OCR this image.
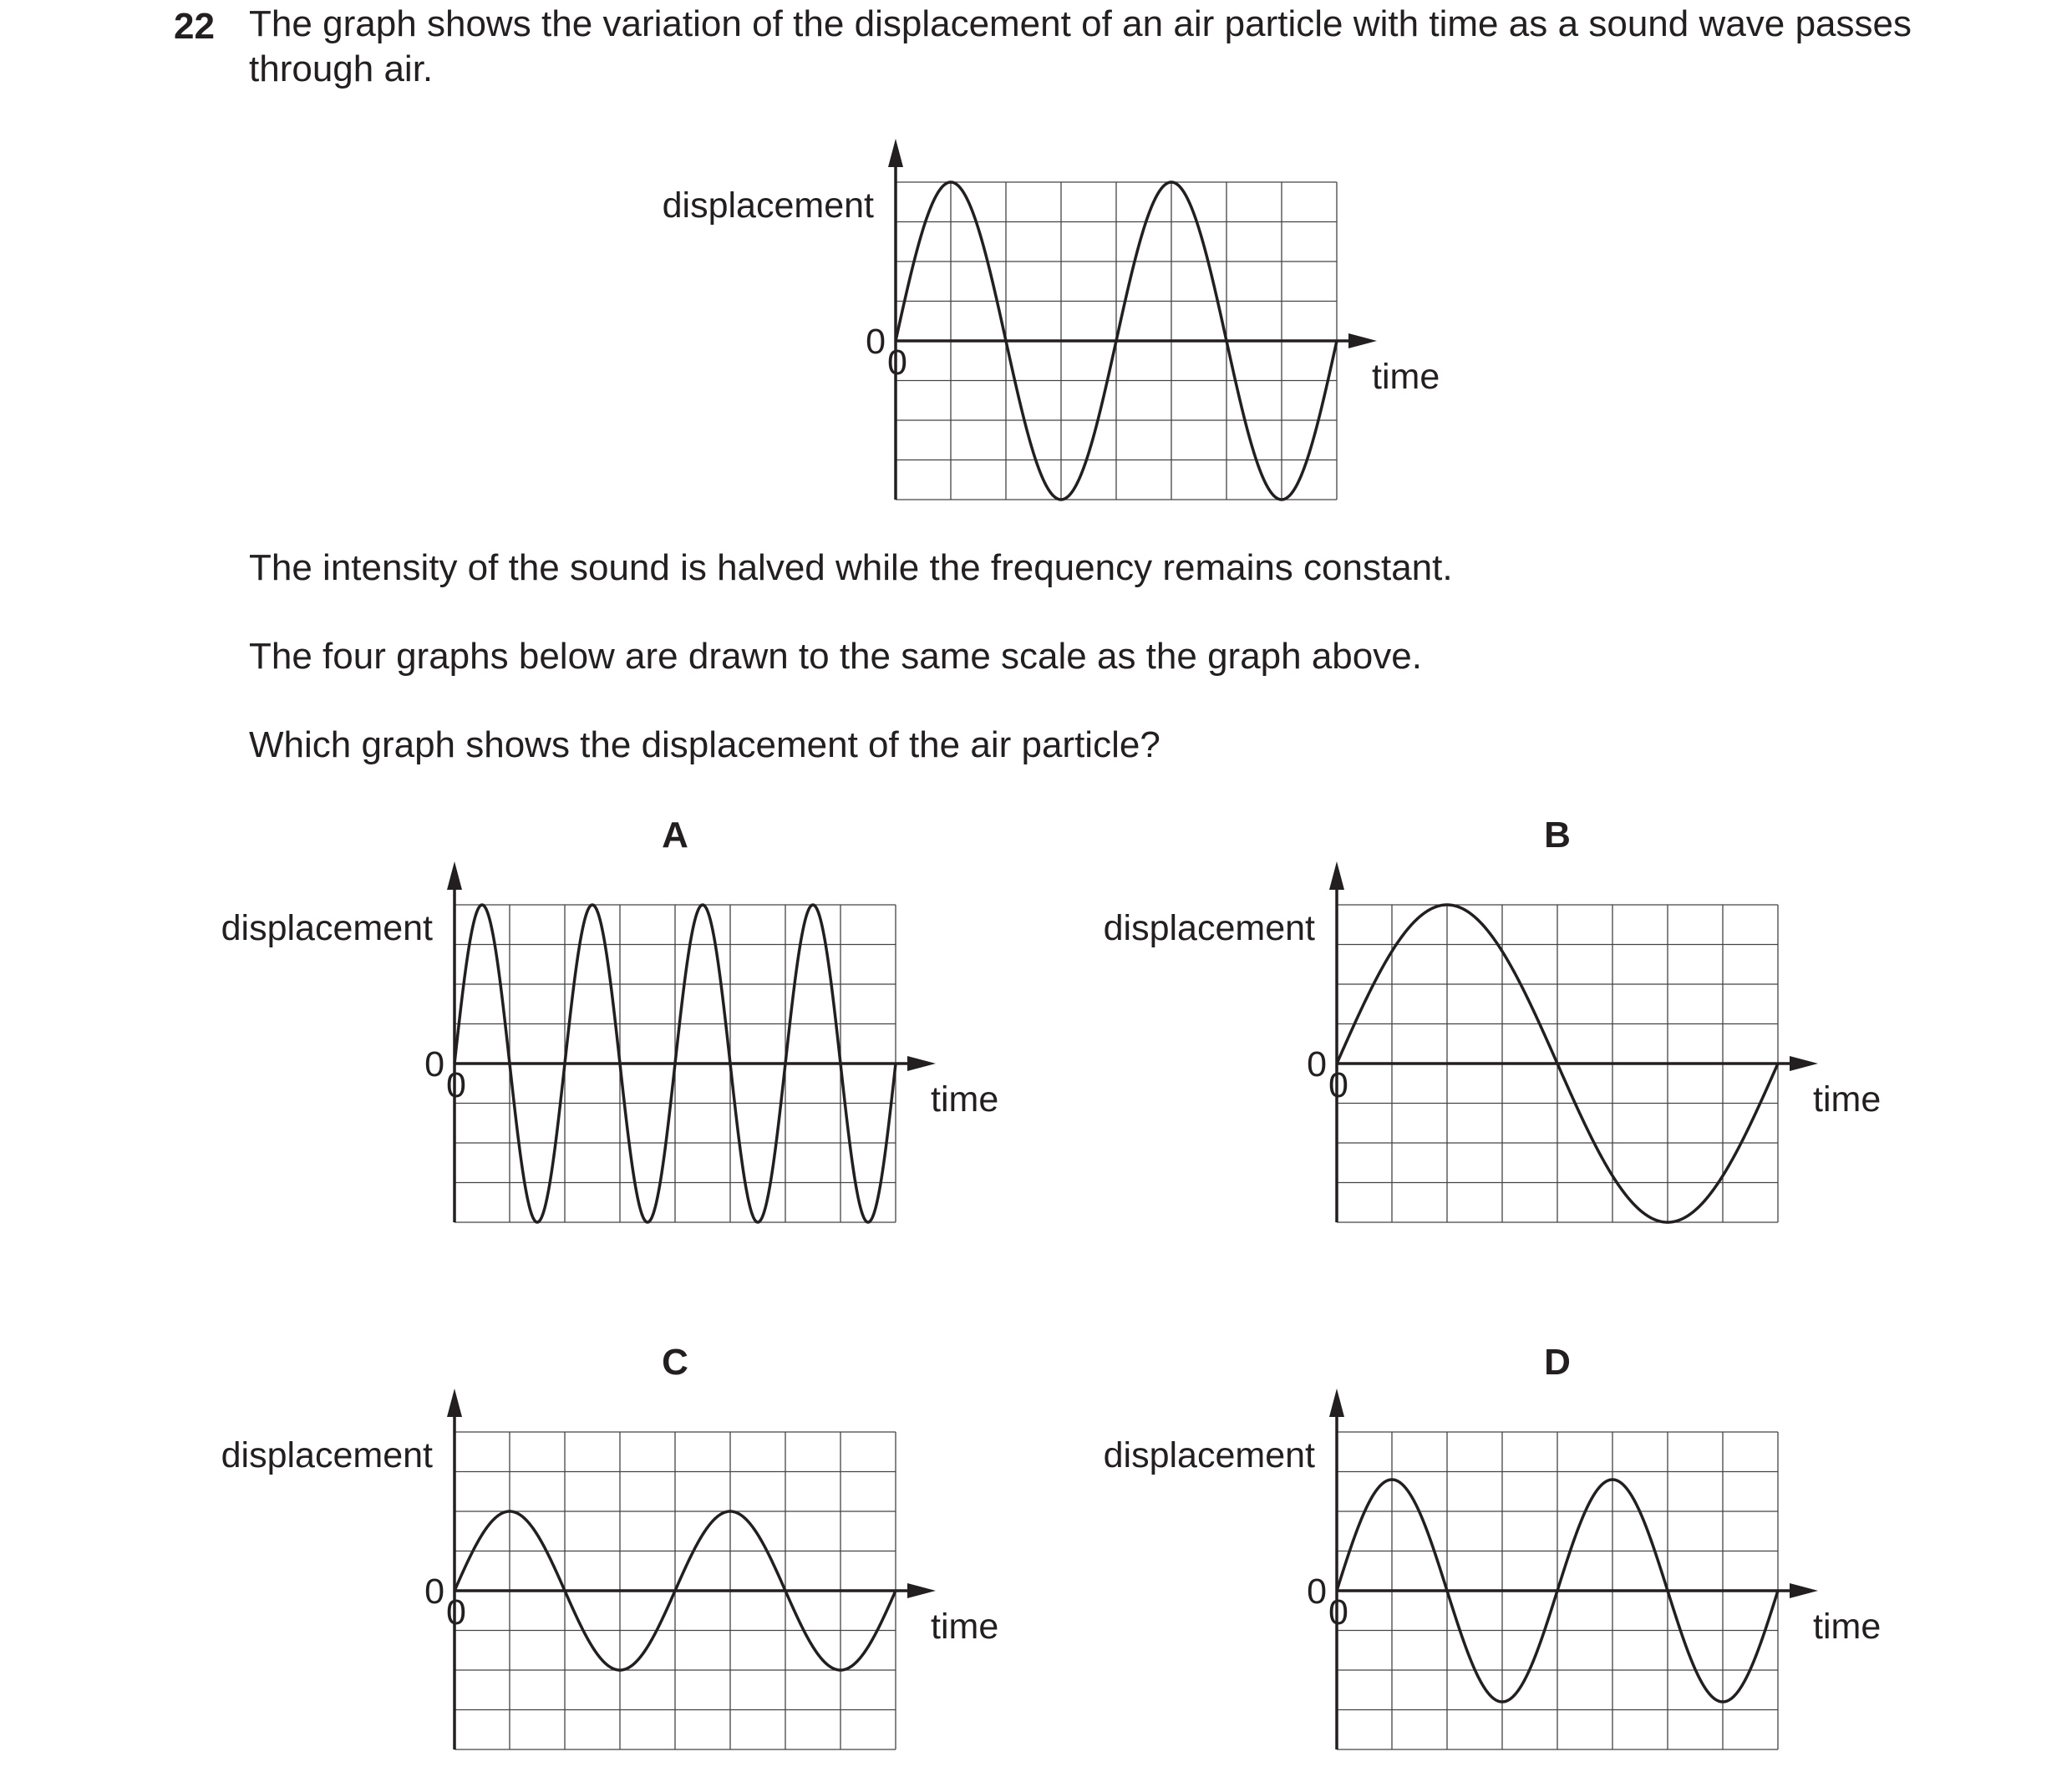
22 The graph shows the variation of the displacement of an air particle with time as a sound wave passes through air.
The intensity of the sound is halved while the frequency remains constant.
The four graphs below are drawn to the same scale as the graph above.
Which graph shows the displacement of the air particle?
displacement
time
0
0
displacement
time
0
0
A
displacement
time
0
0
B
displacement
time
0
0
C
displacement
time
0
0
D
